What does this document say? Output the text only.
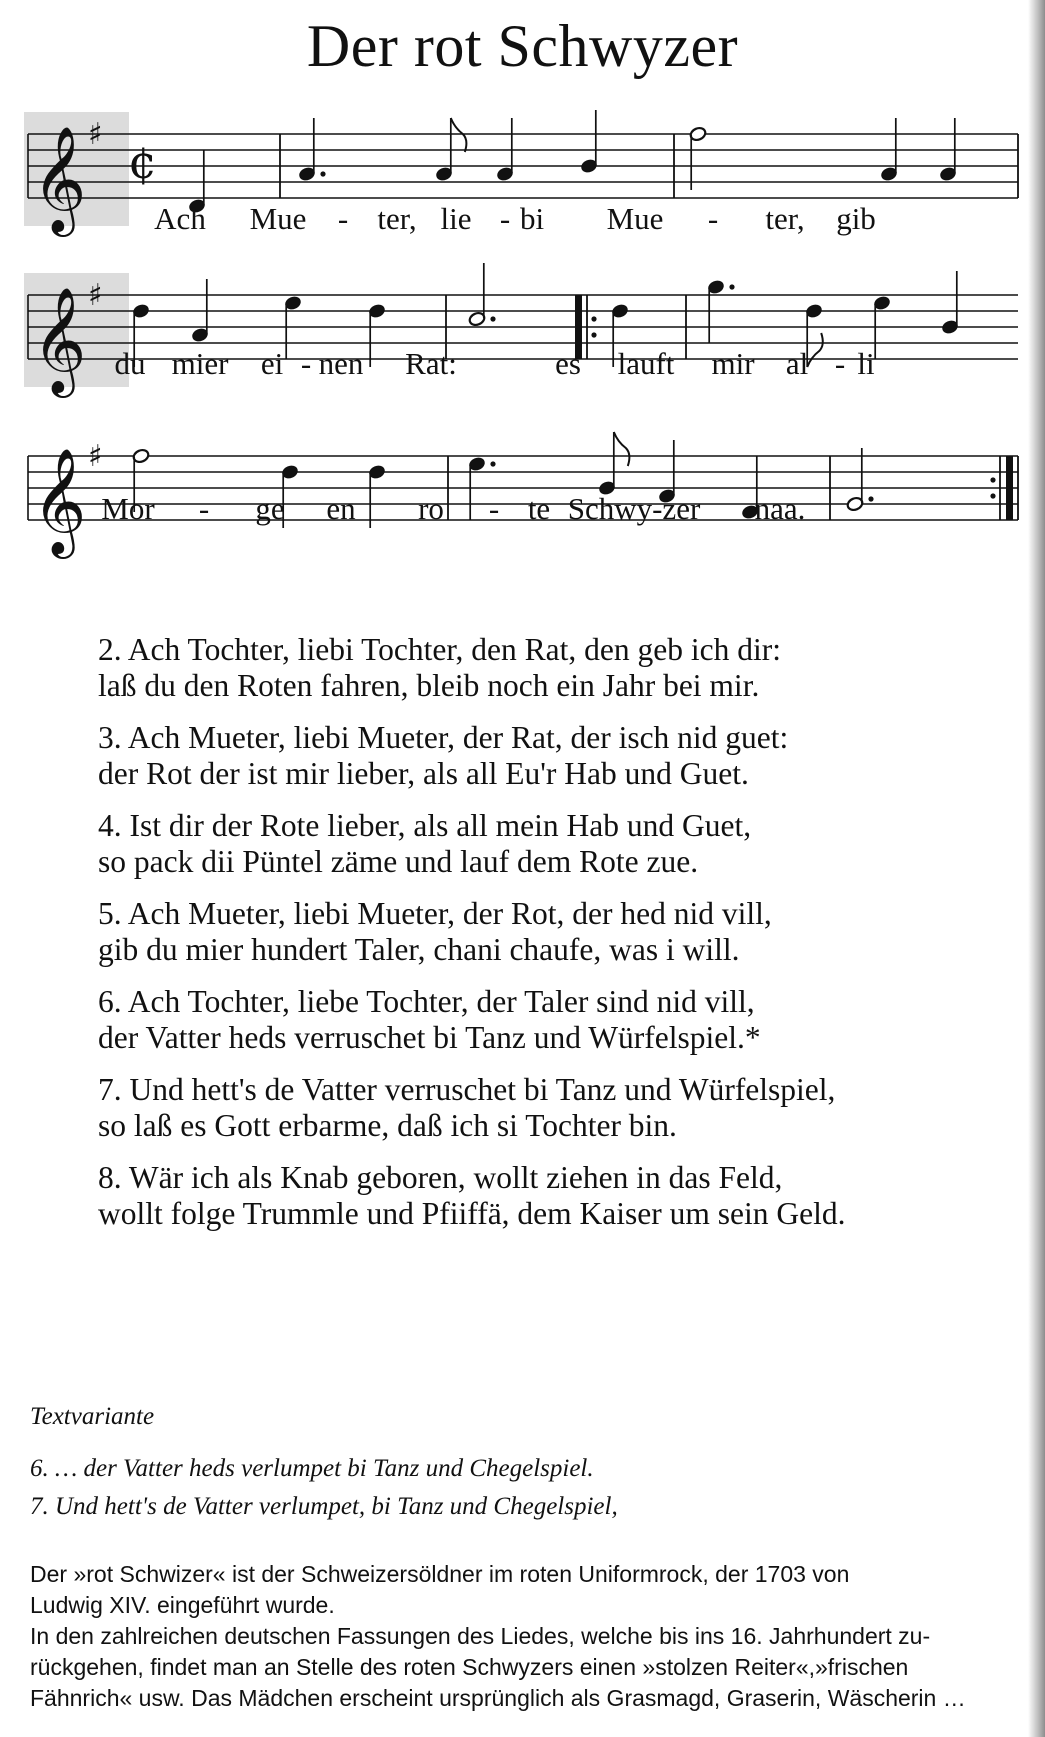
Der rot Schwyzer
𝄞 ♯
¢
𝄞 ♯
𝄞 ♯
Ach Mue - ter, lie - bi Mue - ter, gib
du mier ei - nen Rat:	es lauft mir al - li
Mor - ge en ro - te Schwy-zer naa.
2. Ach Tochter, liebi Tochter, den Rat, den geb ich dir:
laß du den Roten fahren, bleib noch ein Jahr bei mir.
3. Ach Mueter, liebi Mueter, der Rat, der isch nid guet:
der Rot der ist mir lieber, als all Eu'r Hab und Guet.
4. Ist dir der Rote lieber, als all mein Hab und Guet,
so pack dii Püntel zäme und lauf dem Rote zue.
5. Ach Mueter, liebi Mueter, der Rot, der hed nid vill,
gib du mier hundert Taler, chani chaufe, was i will.
6. Ach Tochter, liebe Tochter, der Taler sind nid vill,
der Vatter heds verruschet bi Tanz und Würfelspiel.*
7. Und hett's de Vatter verruschet bi Tanz und Würfelspiel,
so laß es Gott erbarme, daß ich si Tochter bin.
8. Wär ich als Knab geboren, wollt ziehen in das Feld,
wollt folge Trummle und Pfiiffä, dem Kaiser um sein Geld.
Textvariante
6. … der Vatter heds verlumpet bi Tanz und Chegelspiel.
7. Und hett's de Vatter verlumpet, bi Tanz und Chegelspiel,
Der »rot Schwizer« ist der Schweizersöldner im roten Uniformrock, der 1703 von
Ludwig XIV. eingeführt wurde.
In den zahlreichen deutschen Fassungen des Liedes, welche bis ins 16. Jahrhundert zu-
rückgehen, findet man an Stelle des roten Schwyzers einen »stolzen Reiter«,»frischen
Fähnrich« usw. Das Mädchen erscheint ursprünglich als Grasmagd, Graserin, Wäscherin …
